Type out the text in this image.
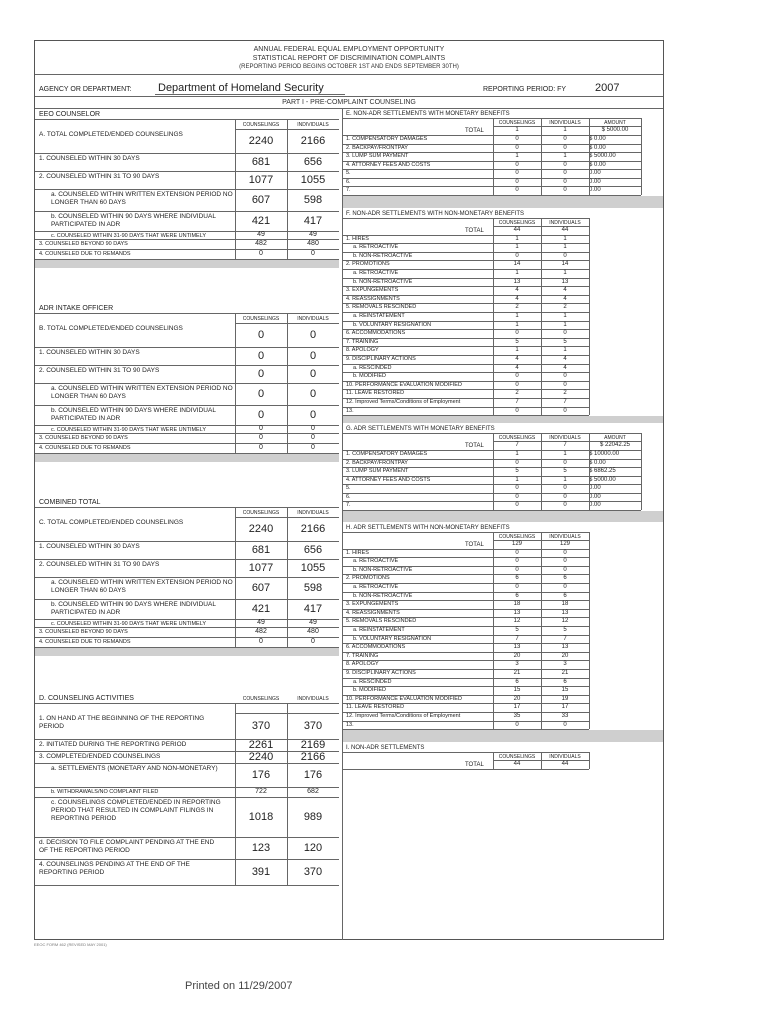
ANNUAL FEDERAL EQUAL EMPLOYMENT OPPORTUNITY
STATISTICAL REPORT OF DISCRIMINATION COMPLAINTS
(REPORTING PERIOD BEGINS OCTOBER 1ST AND ENDS SEPTEMBER 30TH)
AGENCY OR DEPARTMENT: Department of Homeland Security	REPORTING PERIOD: FY	2007
PART I - PRE-COMPLAINT COUNSELING
EEO COUNSELOR
COUNSELINGS	INDIVIDUALS
A. TOTAL COMPLETED/ENDED COUNSELINGS	2240	2166
1. COUNSELED WITHIN 30 DAYS	681	656
2. COUNSELED WITHIN 31 TO 90 DAYS	1077	1055
a. COUNSELED WITHIN WRITTEN EXTENSION PERIOD NO LONGER THAN 60 DAYS	607	598
b. COUNSELED WITHIN 90 DAYS WHERE INDIVIDUAL PARTICIPATED IN ADR	421	417
c. COUNSELED WITHIN 31-90 DAYS THAT WERE UNTIMELY	49	49
3. COUNSELED BEYOND 90 DAYS	482	480
4. COUNSELED DUE TO REMANDS	0	0
ADR INTAKE OFFICER
COUNSELINGS	INDIVIDUALS
B. TOTAL COMPLETED/ENDED COUNSELINGS	0	0
1. COUNSELED WITHIN 30 DAYS	0	0
2. COUNSELED WITHIN 31 TO 90 DAYS	0	0
a. COUNSELED WITHIN WRITTEN EXTENSION PERIOD NO LONGER THAN 60 DAYS	0	0
b. COUNSELED WITHIN 90 DAYS WHERE INDIVIDUAL PARTICIPATED IN ADR	0	0
c. COUNSELED WITHIN 31-90 DAYS THAT WERE UNTIMELY	0	0
3. COUNSELED BEYOND 90 DAYS	0	0
4. COUNSELED DUE TO REMANDS	0	0
COMBINED TOTAL
COUNSELINGS	INDIVIDUALS
C. TOTAL COMPLETED/ENDED COUNSELINGS	2240	2166
1. COUNSELED WITHIN 30 DAYS	681	656
2. COUNSELED WITHIN 31 TO 90 DAYS	1077	1055
a. COUNSELED WITHIN WRITTEN EXTENSION PERIOD NO LONGER THAN 60 DAYS	607	598
b. COUNSELED WITHIN 90 DAYS WHERE INDIVIDUAL PARTICIPATED IN ADR	421	417
c. COUNSELED WITHIN 31-90 DAYS THAT WERE UNTIMELY	49	49
3. COUNSELED BEYOND 90 DAYS	482	480
4. COUNSELED DUE TO REMANDS	0	0
D. COUNSELING ACTIVITIES	COUNSELINGS	INDIVIDUALS
1. ON HAND AT THE BEGINNING OF THE REPORTING PERIOD	370	370
2. INITIATED DURING THE REPORTING PERIOD	2261	2169
3. COMPLETED/ENDED COUNSELINGS	2240	2166
a. SETTLEMENTS (MONETARY AND NON-MONETARY)	176	176
b. WITHDRAWALS/NO COMPLAINT FILED	722	682
c. COUNSELINGS COMPLETED/ENDED IN REPORTING PERIOD THAT RESULTED IN COMPLAINT FILINGS IN REPORTING PERIOD	1018	989
d. DECISION TO FILE COMPLAINT PENDING AT THE END OF THE REPORTING PERIOD	123	120
4. COUNSELINGS PENDING AT THE END OF THE REPORTING PERIOD	391	370
E. NON-ADR SETTLEMENTS WITH MONETARY BENEFITS
COUNSELINGS	INDIVIDUALS	AMOUNT
TOTAL	1	1	$ 5000.00
1. COMPENSATORY DAMAGES	0	0	$ 0.00
2. BACKPAY/FRONTPAY	0	0	$ 0.00
3. LUMP SUM PAYMENT	1	1	$ 5000.00
4. ATTORNEY FEES AND COSTS	0	0	$ 0.00
5.	0	0	0.00
6.	0	0	0.00
7.	0	0	0.00
F. NON-ADR SETTLEMENTS WITH NON-MONETARY BENEFITS
COUNSELINGS	INDIVIDUALS
TOTAL	44	44
1. HIRES	1	1
a. RETROACTIVE	1	1
b. NON-RETROACTIVE	0	0
2. PROMOTIONS	14	14
a. RETROACTIVE	1	1
b. NON-RETROACTIVE	13	13
3. EXPUNGEMENTS	4	4
4. REASSIGNMENTS	4	4
5. REMOVALS RESCINDED	2	2
a. REINSTATEMENT	1	1
b. VOLUNTARY RESIGNATION	1	1
6. ACCOMMODATIONS	0	0
7. TRAINING	5	5
8. APOLOGY	1	1
9. DISCIPLINARY ACTIONS	4	4
a. RESCINDED	4	4
b. MODIFIED	0	0
10. PERFORMANCE EVALUATION MODIFIED	0	0
11. LEAVE RESTORED	2	2
12. Improved Terms/Conditions of Employment	7	7
13.	0	0
G. ADR SETTLEMENTS WITH MONETARY BENEFITS
COUNSELINGS	INDIVIDUALS	AMOUNT
TOTAL	7	7	$ 22042.25
1. COMPENSATORY DAMAGES	1	1	$ 10000.00
2. BACKPAY/FRONTPAY	0	0	$ 0.00
3. LUMP SUM PAYMENT	5	5	$ 6862.25
4. ATTORNEY FEES AND COSTS	1	1	$ 5000.00
5.	0	0	0.00
6.	0	0	0.00
7.	0	0	0.00
H. ADR SETTLEMENTS WITH NON-MONETARY BENEFITS
COUNSELINGS	INDIVIDUALS
TOTAL	129	129
1. HIRES	0	0
a. RETROACTIVE	0	0
b. NON-RETROACTIVE	0	0
2. PROMOTIONS	6	6
a. RETROACTIVE	0	0
b. NON-RETROACTIVE	6	6
3. EXPUNGEMENTS	18	18
4. REASSIGNMENTS	13	13
5. REMOVALS RESCINDED	12	12
a. REINSTATEMENT	5	5
b. VOLUNTARY RESIGNATION	7	7
6. ACCOMMODATIONS	13	13
7. TRAINING	20	20
8. APOLOGY	3	3
9. DISCIPLINARY ACTIONS	21	21
a. RESCINDED	6	6
b. MODIFIED	15	15
10. PERFORMANCE EVALUATION MODIFIED	20	19
11. LEAVE RESTORED	17	17
12. Improved Terms/Conditions of Employment	35	33
13.	0	0
I. NON-ADR SETTLEMENTS
COUNSELINGS	INDIVIDUALS
TOTAL	44	44
EEOC FORM 462 (REVISED MAY 2001)
Printed on 11/29/2007
